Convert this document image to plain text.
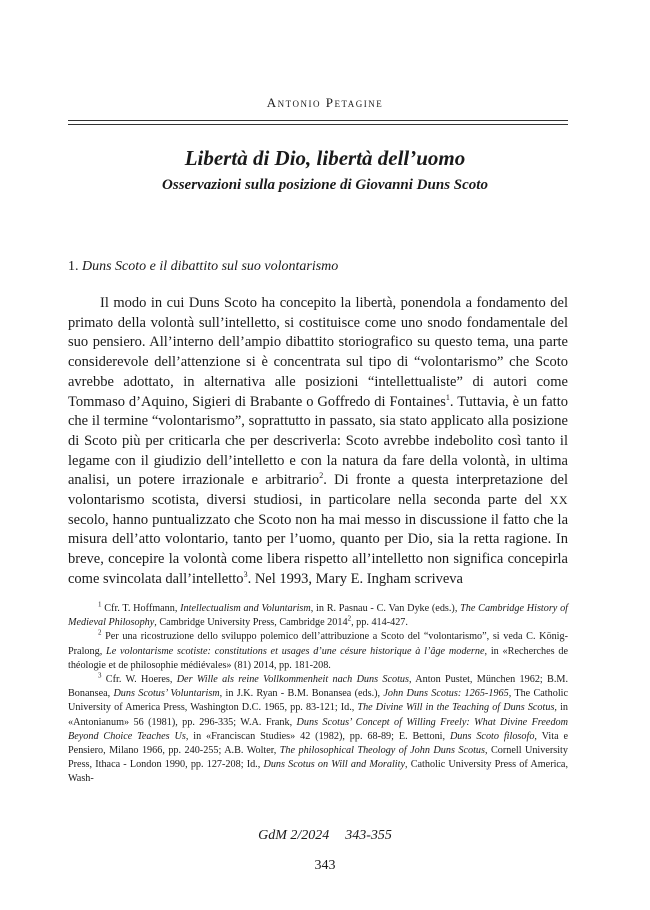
Antonio Petagine
Libertà di Dio, libertà dell’uomo
Osservazioni sulla posizione di Giovanni Duns Scoto
1. Duns Scoto e il dibattito sul suo volontarismo

Il modo in cui Duns Scoto ha concepito la libertà, ponendola a fondamento del primato della volontà sull’intelletto, si costituisce come uno snodo fondamentale del suo pensiero. All’interno dell’ampio dibattito storiografico su questo tema, una parte considerevole dell’attenzione si è concentrata sul tipo di “volontarismo” che Scoto avrebbe adottato, in alternativa alle posizioni “intellettualiste” di autori come Tommaso d’Aquino, Sigieri di Brabante o Goffredo di Fontaines$^1$. Tuttavia, è un fatto che il termine “volontarismo”, soprattutto in passato, sia stato applicato alla posizione di Scoto più per criticarla che per descriverla: Scoto avrebbe indebolito così tanto il legame con il giudizio dell’intelletto e con la natura da fare della volontà, in ultima analisi, un potere irrazionale e arbitrario$^2$. Di fronte a questa interpretazione del volontarismo scotista, diversi studiosi, in particolare nella seconda parte del XX secolo, hanno puntualizzato che Scoto non ha mai messo in discussione il fatto che la misura dell’atto volontario, tanto per l’uomo, quanto per Dio, sia la retta ragione. In breve, concepire la volontà come libera rispetto all’intelletto non significa concepirla come svincolata dall’intelletto$^3$. Nel 1993, Mary E. Ingham scriveva

$^1$ Cfr. T. Hoffmann, Intellectualism and Voluntarism, in R. Pasnau - C. Van Dyke (eds.), The Cambridge History of Medieval Philosophy, Cambridge University Press, Cambridge 2014$^2$, pp. 414-427.

$^2$ Per una ricostruzione dello sviluppo polemico dell’attribuzione a Scoto del “volontarismo”, si veda C. König-Pralong, Le volontarisme scotiste: constitutions et usages d’une césure historique à l’âge moderne, in «Recherches de théologie et de philosophie médiévales» (81) 2014, pp. 181-208.

$^3$ Cfr. W. Hoeres, Der Wille als reine Vollkommenheit nach Duns Scotus, Anton Pustet, München 1962; B.M. Bonansea, Duns Scotus’ Voluntarism, in J.K. Ryan - B.M. Bonansea (eds.), John Duns Scotus: 1265-1965, The Catholic University of America Press, Washington D.C. 1965, pp. 83-121; Id., The Divine Will in the Teaching of Duns Scotus, in «Antonianum» 56 (1981), pp. 296-335; W.A. Frank, Duns Scotus’ Concept of Willing Freely: What Divine Freedom Beyond Choice Teaches Us, in «Franciscan Studies» 42 (1982), pp. 68-89; E. Bettoni, Duns Scoto filosofo, Vita e Pensiero, Milano 1966, pp. 240-255; A.B. Wolter, The philosophical Theology of John Duns Scotus, Cornell University Press, Ithaca - London 1990, pp. 127-208; Id., Duns Scotus on Will and Morality, Catholic University Press of America, Wash-

GdM 2/2024 343-355
343
